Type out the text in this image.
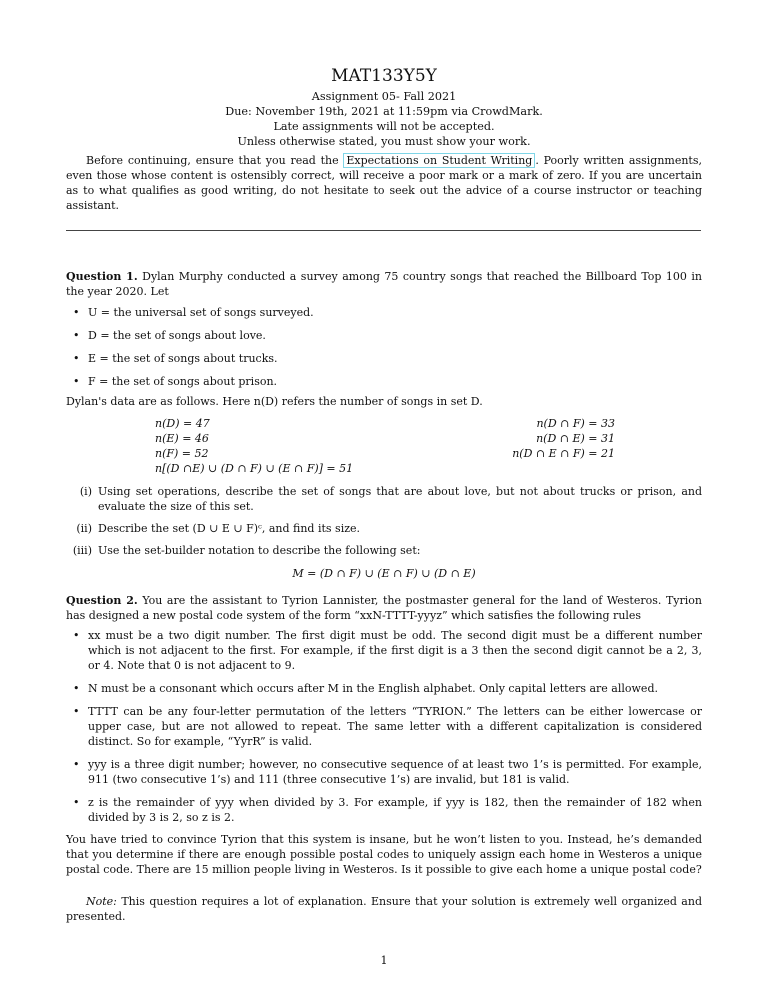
MAT133Y5Y
Assignment 05- Fall 2021
Due: November 19th, 2021 at 11:59pm via CrowdMark.
Late assignments will not be accepted.
Unless otherwise stated, you must show your work.

Before continuing, ensure that you read the Expectations on Student Writing . Poorly written assignments, even those whose content is ostensibly correct, will receive a poor mark or a mark of zero. If you are uncertain as to what qualifies as good writing, do not hesitate to seek out the advice of a course instructor or teaching assistant.

Question 1. Dylan Murphy conducted a survey among 75 country songs that reached the Billboard Top 100 in the year 2020. Let

• U = the universal set of songs surveyed.
• D = the set of songs about love.
• E = the set of songs about trucks.
• F = the set of songs about prison.

Dylan's data are as follows. Here n(D) refers the number of songs in set D.

n(D) = 47
n(E) = 46
n(F) = 52
n[(D ∩E) ∪ (D ∩ F) ∪ (E ∩ F)] = 51
n(D ∩ F) = 33
n(D ∩ E) = 31
n(D ∩ E ∩ F) = 21
(i) Using set operations, describe the set of songs that are about love, but not about trucks or prison, and evaluate the size of this set.
(ii) Describe the set (D ∪ E ∪ F)ᶜ, and find its size.
(iii) Use the set-builder notation to describe the following set:
M = (D ∩ F) ∪ (E ∩ F) ∪ (D ∩ E)

Question 2. You are the assistant to Tyrion Lannister, the postmaster general for the land of Westeros. Tyrion has designed a new postal code system of the form “xxN-TTTT-yyyz” which satisfies the following rules

• xx must be a two digit number. The first digit must be odd. The second digit must be a different number which is not adjacent to the first. For example, if the first digit is a 3 then the second digit cannot be a 2, 3, or 4. Note that 0 is not adjacent to 9.
• N must be a consonant which occurs after M in the English alphabet. Only capital letters are allowed.
• TTTT can be any four-letter permutation of the letters “TYRION.” The letters can be either lowercase or upper case, but are not allowed to repeat. The same letter with a different capitalization is considered distinct. So for example, “YyrR” is valid.
• yyy is a three digit number; however, no consecutive sequence of at least two 1’s is permitted. For example, 911 (two consecutive 1’s) and 111 (three consecutive 1’s) are invalid, but 181 is valid.
• z is the remainder of yyy when divided by 3. For example, if yyy is 182, then the remainder of 182 when divided by 3 is 2, so z is 2.

You have tried to convince Tyrion that this system is insane, but he won’t listen to you. Instead, he’s demanded that you determine if there are enough possible postal codes to uniquely assign each home in Westeros a unique postal code. There are 15 million people living in Westeros. Is it possible to give each home a unique postal code?

Note: This question requires a lot of explanation. Ensure that your solution is extremely well organized and presented.

1
